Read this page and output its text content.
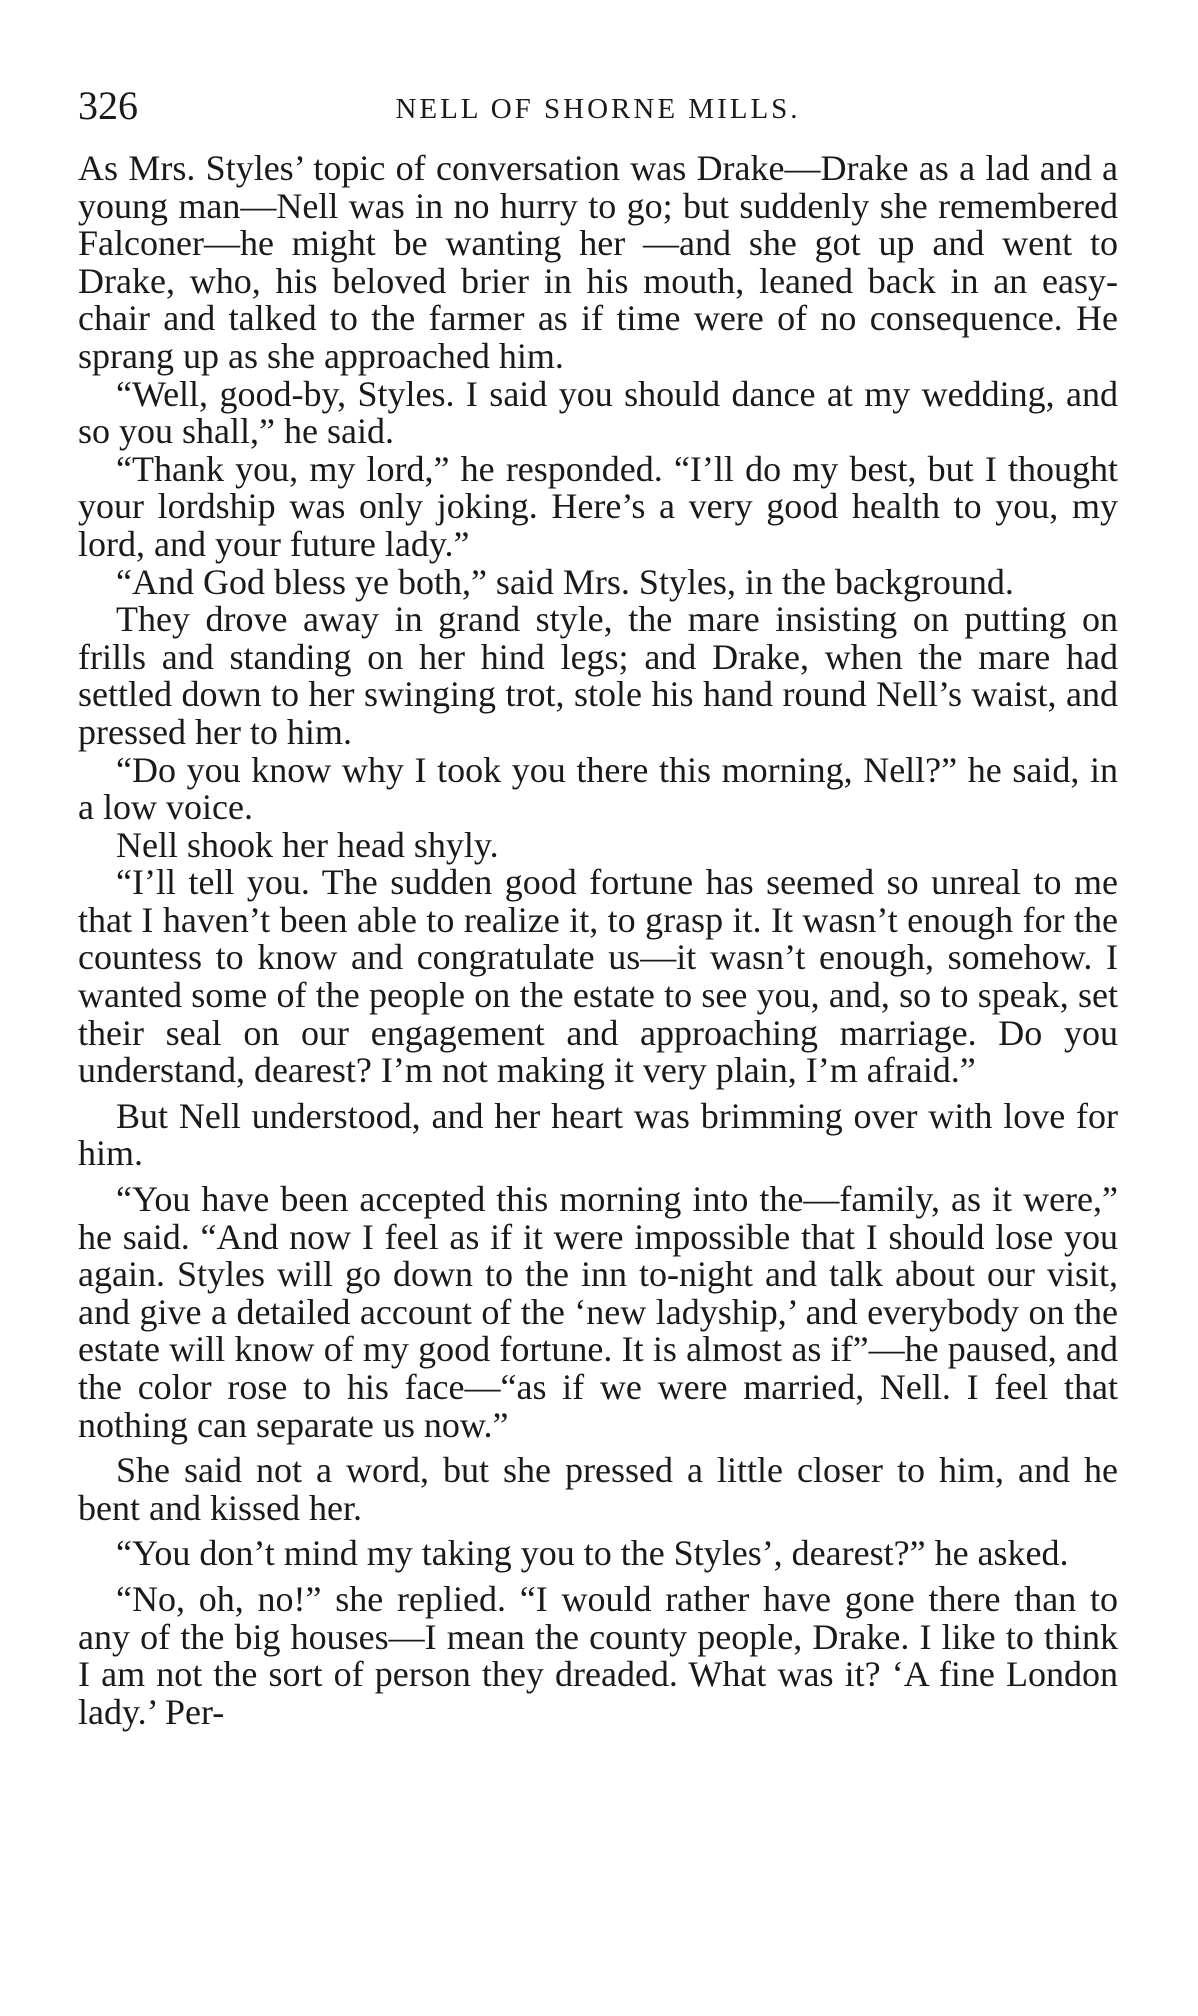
326	NELL OF SHORNE MILLS.

As Mrs. Styles’ topic of conversation was Drake—Drake as a lad and a young man—Nell was in no hurry to go; but suddenly she remembered Falconer—he might be wanting her —and she got up and went to Drake, who, his beloved brier in his mouth, leaned back in an easy-chair and talked to the farmer as if time were of no consequence. He sprang up as she approached him.

“Well, good-by, Styles. I said you should dance at my wedding, and so you shall,” he said.

“Thank you, my lord,” he responded. “I’ll do my best, but I thought your lordship was only joking. Here’s a very good health to you, my lord, and your future lady.”

“And God bless ye both,” said Mrs. Styles, in the background.

They drove away in grand style, the mare insisting on putting on frills and standing on her hind legs; and Drake, when the mare had settled down to her swinging trot, stole his hand round Nell’s waist, and pressed her to him.

“Do you know why I took you there this morning, Nell?” he said, in a low voice.

Nell shook her head shyly.

“I’ll tell you. The sudden good fortune has seemed so unreal to me that I haven’t been able to realize it, to grasp it. It wasn’t enough for the countess to know and congratulate us—it wasn’t enough, somehow. I wanted some of the people on the estate to see you, and, so to speak, set their seal on our engagement and approaching marriage. Do you understand, dearest? I’m not making it very plain, I’m afraid.”

But Nell understood, and her heart was brimming over with love for him.

“You have been accepted this morning into the—family, as it were,” he said. “And now I feel as if it were impossible that I should lose you again. Styles will go down to the inn to-night and talk about our visit, and give a detailed account of the ‘new ladyship,’ and everybody on the estate will know of my good fortune. It is almost as if”—he paused, and the color rose to his face—“as if we were married, Nell. I feel that nothing can separate us now.”

She said not a word, but she pressed a little closer to him, and he bent and kissed her.

“You don’t mind my taking you to the Styles’, dearest?” he asked.

“No, oh, no!” she replied. “I would rather have gone there than to any of the big houses—I mean the county people, Drake. I like to think I am not the sort of person they dreaded. What was it? ‘A fine London lady.’ Per-
